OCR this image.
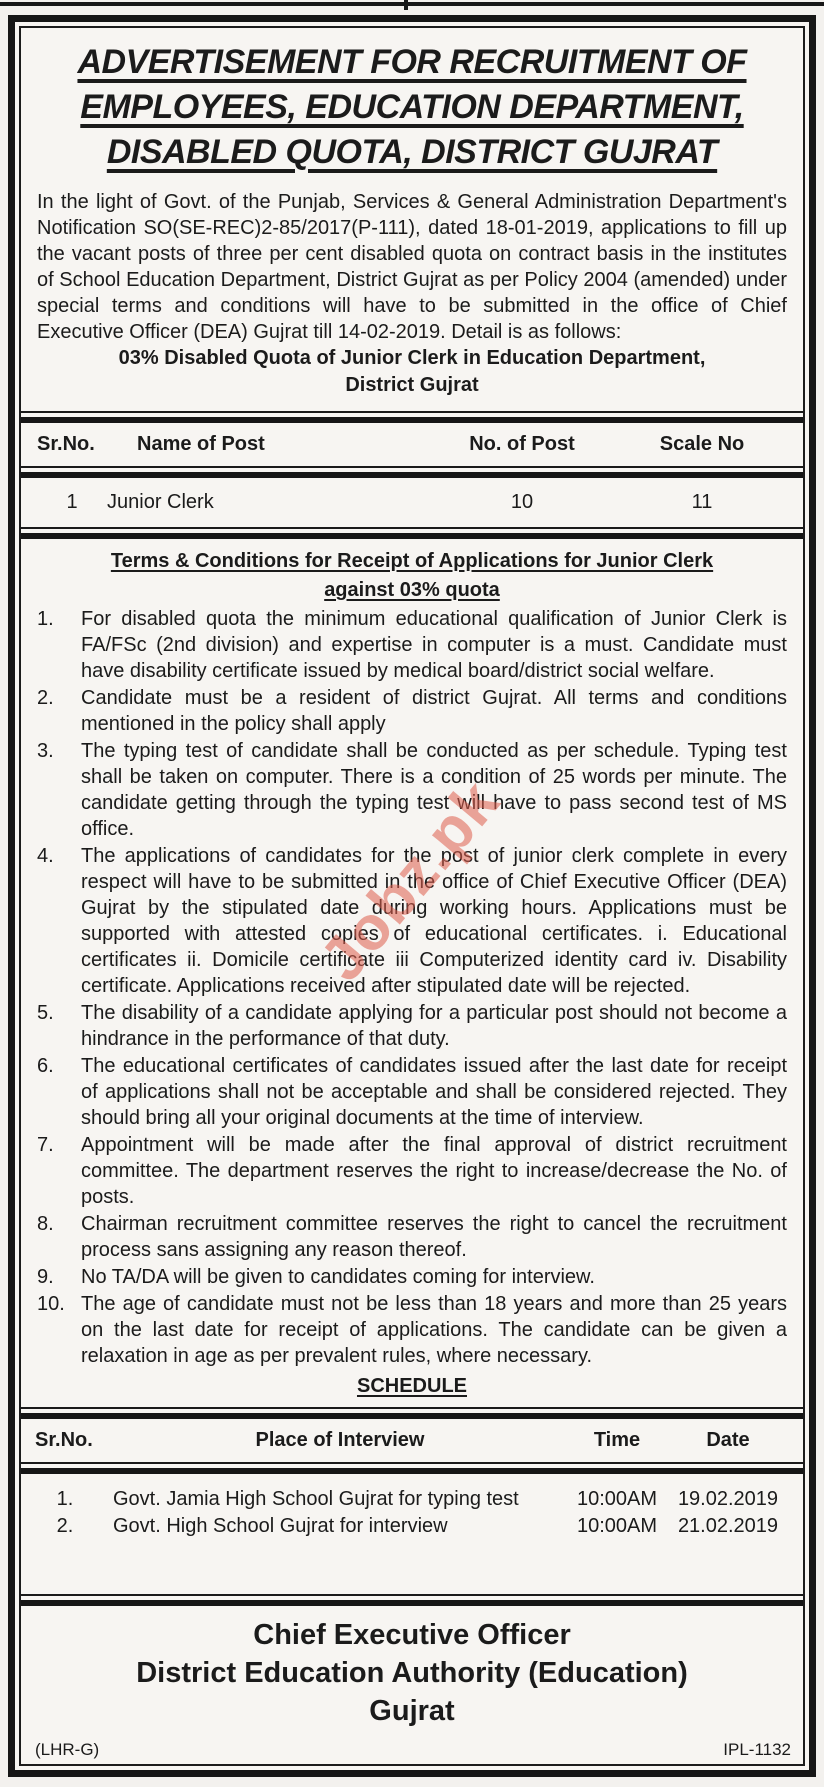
ADVERTISEMENT FOR RECRUITMENT OF
EMPLOYEES, EDUCATION DEPARTMENT,
DISABLED QUOTA, DISTRICT GUJRAT

In the light of Govt. of the Punjab, Services & General Administration Department's Notification SO(SE-REC)2-85/2017(P-111), dated 18-01-2019, applications to fill up the vacant posts of three per cent disabled quota on contract basis in the institutes of School Education Department, District Gujrat as per Policy 2004 (amended) under special terms and conditions will have to be submitted in the office of Chief Executive Officer (DEA) Gujrat till 14-02-2019. Detail is as follows:

03% Disabled Quota of Junior Clerk in Education Department,
District Gujrat
Sr.No.	Name of Post	No. of Post	Scale No
1	Junior Clerk	10	11
Terms & Conditions for Receipt of Applications for Junior Clerk
against 03% quota
1.	For disabled quota the minimum educational qualification of Junior Clerk is FA/FSc (2nd division) and expertise in computer is a must. Candidate must have disability certificate issued by medical board/district social welfare.
2.	Candidate must be a resident of district Gujrat. All terms and conditions mentioned in the policy shall apply
3.	The typing test of candidate shall be conducted as per schedule. Typing test shall be taken on computer. There is a condition of 25 words per minute. The candidate getting through the typing test will have to pass second test of MS office.
4.	The applications of candidates for the post of junior clerk complete in every respect will have to be submitted in the office of Chief Executive Officer (DEA) Gujrat by the stipulated date during working hours. Applications must be supported with attested copies of educational certificates. i. Educational certificates ii. Domicile certificate iii Computerized identity card iv. Disability certificate. Applications received after stipulated date will be rejected.
5.	The disability of a candidate applying for a particular post should not become a hindrance in the performance of that duty.
6.	The educational certificates of candidates issued after the last date for receipt of applications shall not be acceptable and shall be considered rejected. They should bring all your original documents at the time of interview.
7.	Appointment will be made after the final approval of district recruitment committee. The department reserves the right to increase/decrease the No. of posts.
8.	Chairman recruitment committee reserves the right to cancel the recruitment process sans assigning any reason thereof.
9.	No TA/DA will be given to candidates coming for interview.
10. The age of candidate must not be less than 18 years and more than 25 years on the last date for receipt of applications. The candidate can be given a relaxation in age as per prevalent rules, where necessary.
SCHEDULE
Sr.No.	Place of Interview	Time	Date
1.	Govt. Jamia High School Gujrat for typing test	10:00AM	19.02.2019
2.	Govt. High School Gujrat for interview	10:00AM	21.02.2019
Chief Executive Officer
District Education Authority (Education)
Gujrat
(LHR-G)	IPL-1132
Jobz.pk
